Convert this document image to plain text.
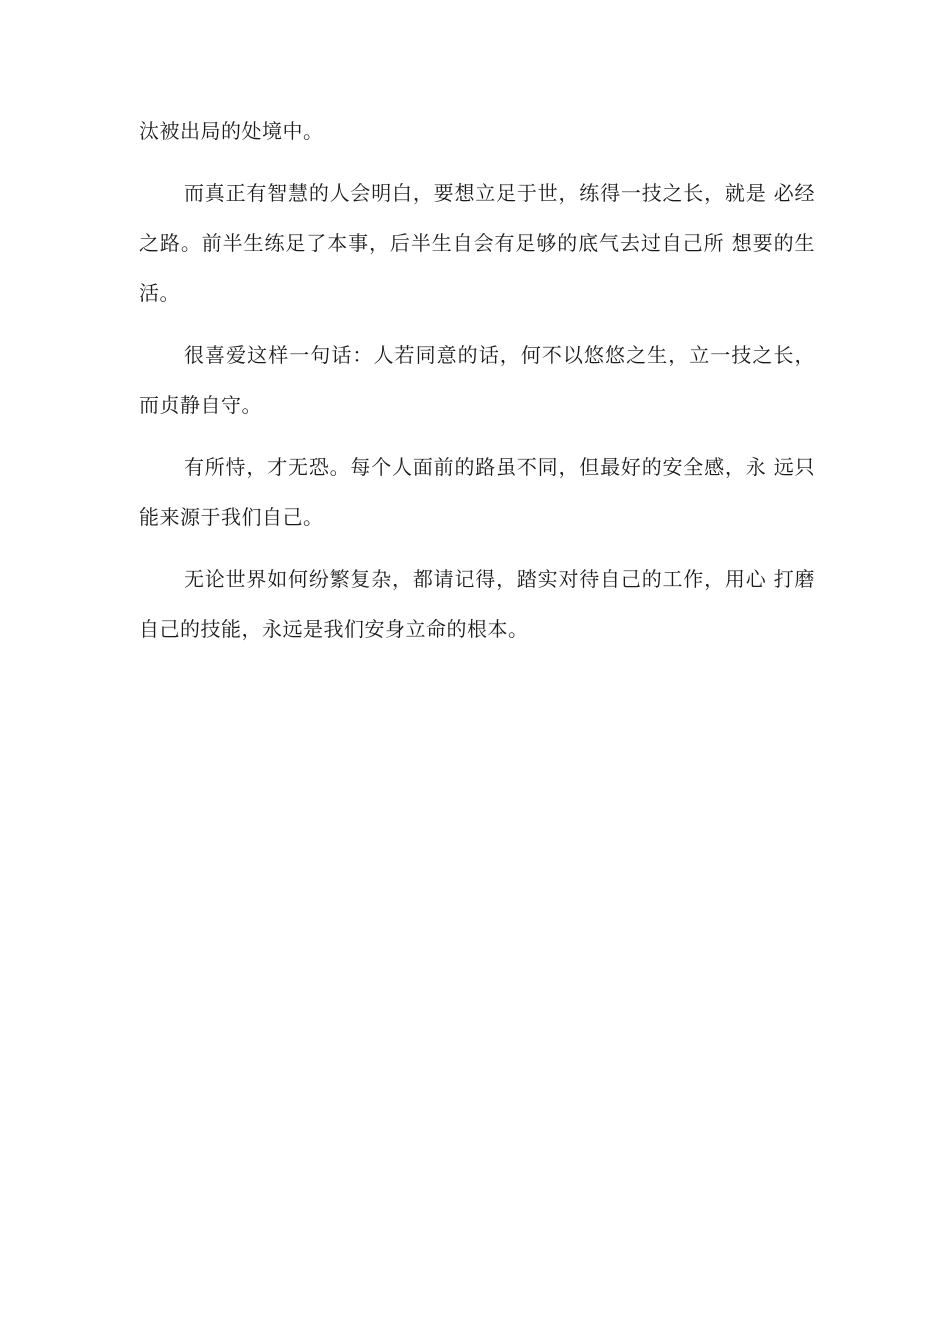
汰被出局的处境中。

而真正有智慧的人会明白，要想立足于世，练得一技之长，就是 必经之路。前半生练足了本事，后半生自会有足够的底气去过自己所 想要的生活。

很喜爱这样一句话：人若同意的话，何不以悠悠之生，立一技之长，而贞静自守。

有所恃，才无恐。每个人面前的路虽不同，但最好的安全感，永 远只能来源于我们自己。

无论世界如何纷繁复杂，都请记得，踏实对待自己的工作，用心 打磨自己的技能，永远是我们安身立命的根本。
